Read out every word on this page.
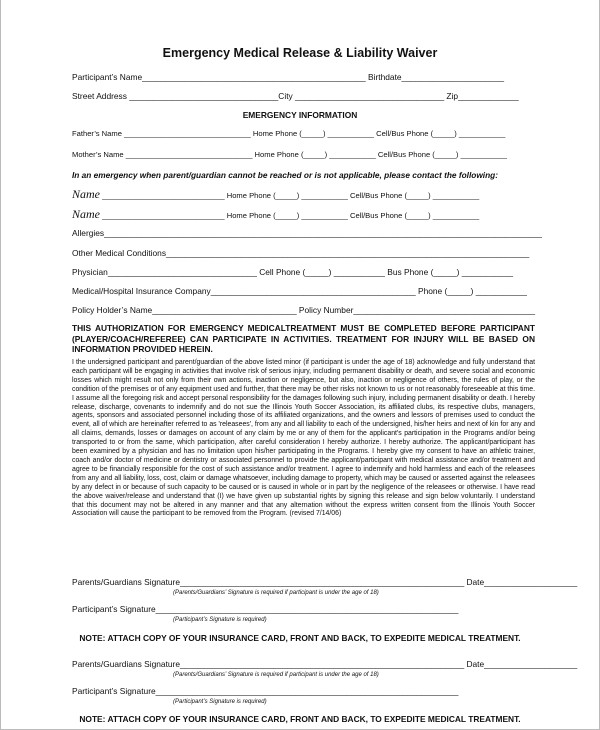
Emergency Medical Release & Liability Waiver
Participant’s Name________________________________________________ Birthdate______________________
Street Address ________________________________City ________________________________ Zip_____________
EMERGENCY INFORMATION
Father’s Name ______________________________ Home Phone (_____) ___________ Cell/Bus Phone (_____) ___________
Mother’s Name ______________________________ Home Phone (_____) ___________ Cell/Bus Phone (_____) ___________
In an emergency when parent/guardian cannot be reached or is not applicable, please contact the following:
Name _____________________________ Home Phone (_____) ___________ Cell/Bus Phone (_____) ___________
Name _____________________________ Home Phone (_____) ___________ Cell/Bus Phone (_____) ___________
Allergies______________________________________________________________________________________________
Other Medical Conditions______________________________________________________________________________
Physician________________________________ Cell Phone (_____) ___________ Bus Phone (_____) ___________
Medical/Hospital Insurance Company____________________________________________ Phone (_____) ___________
Policy Holder’s Name_______________________________ Policy Number_______________________________________
THIS AUTHORIZATION FOR EMERGENCY MEDICALTREATMENT MUST BE COMPLETED BEFORE PARTICIPANT (PLAYER/COACH/REFEREE) CAN PARTICIPATE IN ACTIVITIES. TREATMENT FOR INJURY WILL BE BASED ON INFORMATION PROVIDED HEREIN.
I the undersigned participant and parent/guardian of the above listed minor (if participant is under the age of 18) acknowledge and fully understand that each participant will be engaging in activities that involve risk of serious injury, including permanent disability or death, and severe social and economic losses which might result not only from their own actions, inaction or negligence, but also, inaction or negligence of others, the rules of play, or the condition of the premises or of any equipment used and further, that there may be other risks not known to us or not reasonably foreseeable at this time. I assume all the foregoing risk and accept personal responsibility for the damages following such injury, including permanent disability or death. I hereby release, discharge, covenants to indemnify and do not sue the Illinois Youth Soccer Association, its affiliated clubs, its respective clubs, managers, agents, sponsors and associated personnel including those of its affiliated organizations, and the owners and lessors of premises used to conduct the event, all of which are hereinafter referred to as 'releasees', from any and all liability to each of the undersigned, his/her heirs and next of kin for any and all claims, demands, losses or damages on account of any claim by me or any of them for the applicant's participation in the Programs and/or being transported to or from the same, which participation, after careful consideration I hereby authorize. I hereby authorize. The applicant/participant has been examined by a physician and has no limitation upon his/her participating in the Programs. I hereby give my consent to have an athletic trainer, coach and/or doctor of medicine or dentistry or associated personnel to provide the applicant/participant with medical assistance and/or treatment and agree to be financially responsible for the cost of such assistance and/or treatment. I agree to indemnify and hold harmless and each of the releasees from any and all liability, loss, cost, claim or damage whatsoever, including damage to property, which may be caused or asserted against the releasees by any defect in or because of such capacity to be caused or is caused in whole or in part by the negligence of the releasees or otherwise. I have read the above waiver/release and understand that (I) we have given up substantial rights by signing this release and sign below voluntarily. I understand that this document may not be altered in any manner and that any alternation without the express written consent from the Illinois Youth Soccer Association will cause the participant to be removed from the Program. (revised 7/14/06)
Parents/Guardians Signature_____________________________________________________________ Date____________________
(Parents/Guardians’ Signature is required if participant is under the age of 18)
Participant’s Signature_________________________________________________________________
(Participant’s Signature is required)
NOTE: ATTACH COPY OF YOUR INSURANCE CARD, FRONT AND BACK, TO EXPEDITE MEDICAL TREATMENT.
Parents/Guardians Signature_____________________________________________________________ Date____________________
(Parents/Guardians’ Signature is required if participant is under the age of 18)
Participant’s Signature_________________________________________________________________
(Participant’s Signature is required)
NOTE: ATTACH COPY OF YOUR INSURANCE CARD, FRONT AND BACK, TO EXPEDITE MEDICAL TREATMENT.
